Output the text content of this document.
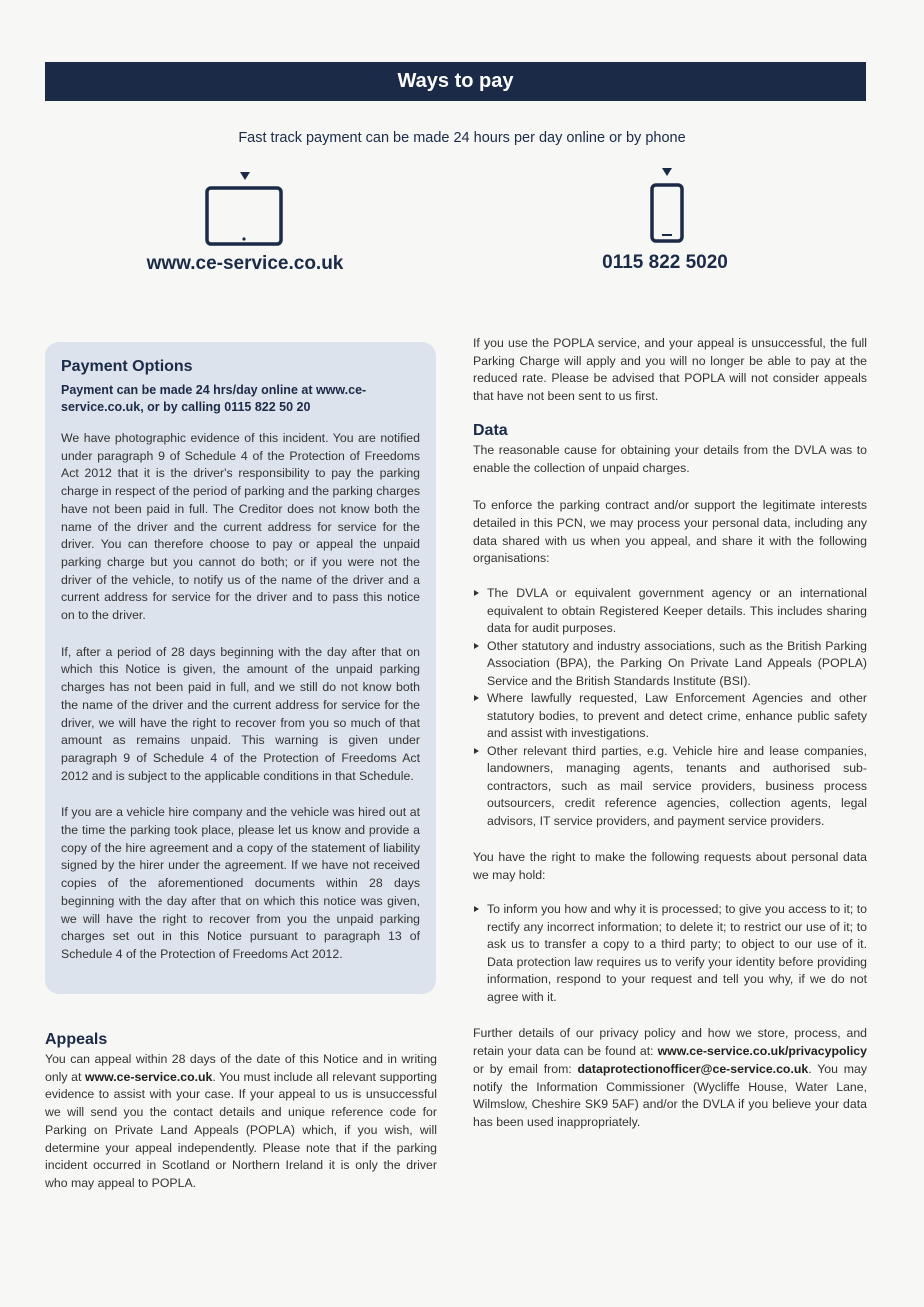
Ways to pay
Fast track payment can be made 24 hours per day online or by phone
www.ce-service.co.uk	0115 822 5020
Payment Options

Payment can be made 24 hrs/day online at www.ce-service.co.uk, or by calling 0115 822 50 20

We have photographic evidence of this incident. You are notified under paragraph 9 of Schedule 4 of the Protection of Freedoms Act 2012 that it is the driver's responsibility to pay the parking charge in respect of the period of parking and the parking charges have not been paid in full. The Creditor does not know both the name of the driver and the current address for service for the driver. You can therefore choose to pay or appeal the unpaid parking charge but you cannot do both; or if you were not the driver of the vehicle, to notify us of the name of the driver and a current address for service for the driver and to pass this notice on to the driver.

If, after a period of 28 days beginning with the day after that on which this Notice is given, the amount of the unpaid parking charges has not been paid in full, and we still do not know both the name of the driver and the current address for service for the driver, we will have the right to recover from you so much of that amount as remains unpaid. This warning is given under paragraph 9 of Schedule 4 of the Protection of Freedoms Act 2012 and is subject to the applicable conditions in that Schedule.

If you are a vehicle hire company and the vehicle was hired out at the time the parking took place, please let us know and provide a copy of the hire agreement and a copy of the statement of liability signed by the hirer under the agreement. If we have not received copies of the aforementioned documents within 28 days beginning with the day after that on which this notice was given, we will have the right to recover from you the unpaid parking charges set out in this Notice pursuant to paragraph 13 of Schedule 4 of the Protection of Freedoms Act 2012.

Appeals

You can appeal within 28 days of the date of this Notice and in writing only at www.ce-service.co.uk. You must include all relevant supporting evidence to assist with your case. If your appeal to us is unsuccessful we will send you the contact details and unique reference code for Parking on Private Land Appeals (POPLA) which, if you wish, will determine your appeal independently. Please note that if the parking incident occurred in Scotland or Northern Ireland it is only the driver who may appeal to POPLA.

If you use the POPLA service, and your appeal is unsuccessful, the full Parking Charge will apply and you will no longer be able to pay at the reduced rate. Please be advised that POPLA will not consider appeals that have not been sent to us first.

Data

The reasonable cause for obtaining your details from the DVLA was to enable the collection of unpaid charges.

To enforce the parking contract and/or support the legitimate interests detailed in this PCN, we may process your personal data, including any data shared with us when you appeal, and share it with the following organisations:

The DVLA or equivalent government agency or an international equivalent to obtain Registered Keeper details. This includes sharing data for audit purposes.
Other statutory and industry associations, such as the British Parking Association (BPA), the Parking On Private Land Appeals (POPLA) Service and the British Standards Institute (BSI).
Where lawfully requested, Law Enforcement Agencies and other statutory bodies, to prevent and detect crime, enhance public safety and assist with investigations.
Other relevant third parties, e.g. Vehicle hire and lease companies, landowners, managing agents, tenants and authorised sub-contractors, such as mail service providers, business process outsourcers, credit reference agencies, collection agents, legal advisors, IT service providers, and payment service providers.

You have the right to make the following requests about personal data we may hold:

To inform you how and why it is processed; to give you access to it; to rectify any incorrect information; to delete it; to restrict our use of it; to ask us to transfer a copy to a third party; to object to our use of it. Data protection law requires us to verify your identity before providing information, respond to your request and tell you why, if we do not agree with it.

Further details of our privacy policy and how we store, process, and retain your data can be found at: www.ce-service.co.uk/privacypolicy or by email from: dataprotectionofficer@ce-service.co.uk. You may notify the Information Commissioner (Wycliffe House, Water Lane, Wilmslow, Cheshire SK9 5AF) and/or the DVLA if you believe your data has been used inappropriately.
